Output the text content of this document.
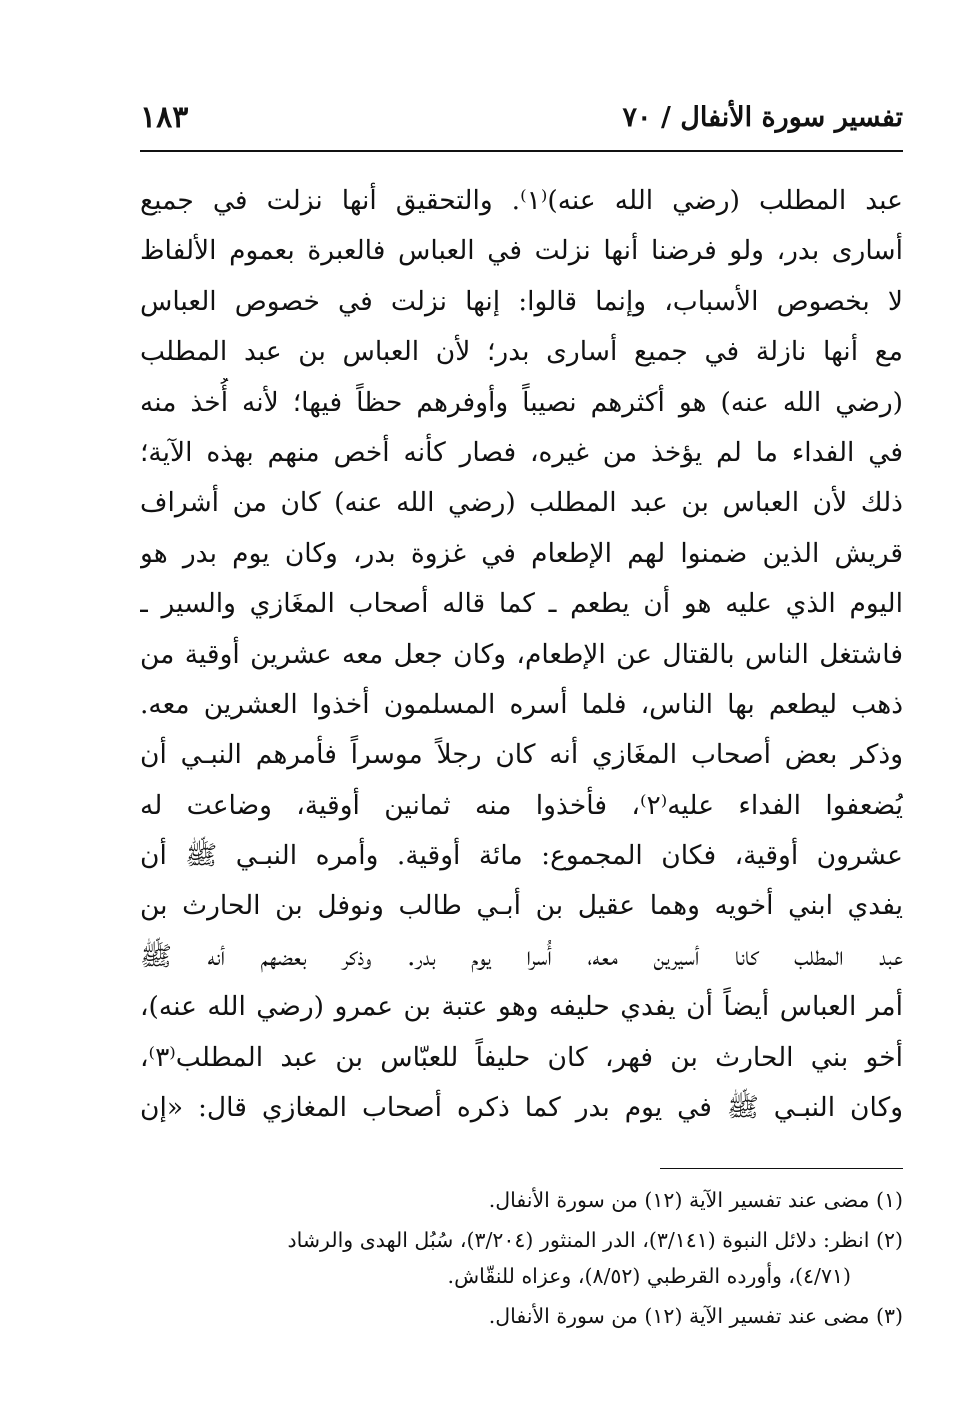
تفسير سورة الأنفال / ٧٠
١٨٣
عبد المطلب (رضي الله عنه)⁽١⁾. والتحقيق أنها نزلت في جميع
أسارى بدر، ولو فرضنا أنها نزلت في العباس فالعبرة بعموم الألفاظ
لا بخصوص الأسباب، وإنما قالوا: إنها نزلت في خصوص العباس
مع أنها نازلة في جميع أسارى بدر؛ لأن العباس بن عبد المطلب
(رضي الله عنه) هو أكثرهم نصيباً وأوفرهم حظاً فيها؛ لأنه أُخذ منه
في الفداء ما لم يؤخذ من غيره، فصار كأنه أخص منهم بهذه الآية؛
ذلك لأن العباس بن عبد المطلب (رضي الله عنه) كان من أشراف
قريش الذين ضمنوا لهم الإطعام في غزوة بدر، وكان يوم بدر هو
اليوم الذي عليه هو أن يطعم ـ كما قاله أصحاب المغَازي والسير ـ
فاشتغل الناس بالقتال عن الإطعام، وكان جعل معه عشرين أوقية من
ذهب ليطعم بها الناس، فلما أسره المسلمون أخذوا العشرين معه.
وذكر بعض أصحاب المغَازي أنه كان رجلاً موسراً فأمرهم النبـي أن
يُضعفوا الفداء عليه⁽٢⁾، فأخذوا منه ثمانين أوقية، وضاعت له
عشرون أوقية، فكان المجموع: مائة أوقية. وأمره النبـي ﷺ أن
يفدي ابني أخويه وهما عقيل بن أبـي طالب ونوفل بن الحارث بن
عبد المطلب كانا أسيرين معه، أُسرا يوم بدر. وذكر بعضهم أنه ﷺ
أمر العباس أيضاً أن يفدي حليفه وهو عتبة بن عمرو (رضي الله عنه)،
أخو بني الحارث بن فهر، كان حليفاً للعبّاس بن عبد المطلب⁽٣⁾،
وكان النبـي ﷺ في يوم بدر كما ذكره أصحاب المغازي قال: «إن
(١) مضى عند تفسير الآية (١٢) من سورة الأنفال.
(٢) انظر: دلائل النبوة (٣/١٤١)، الدر المنثور (٣/٢٠٤)، سُبُل الهدى والرشاد
(٤/٧١)، وأورده القرطبي (٨/٥٢)، وعزاه للنقّاش.
(٣) مضى عند تفسير الآية (١٢) من سورة الأنفال.
